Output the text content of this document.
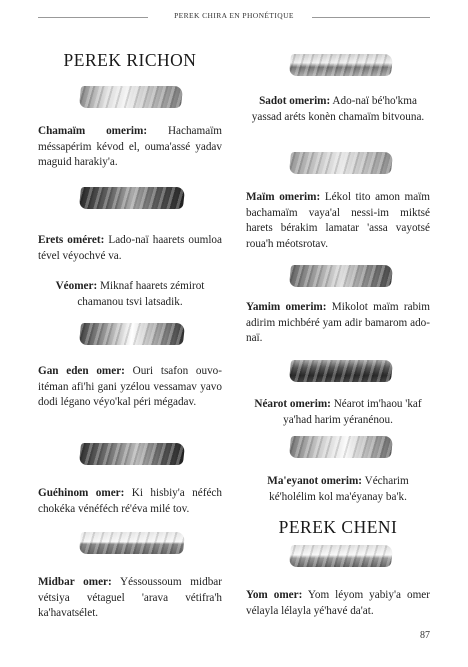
PEREK CHIRA EN PHONÉTIQUE
PEREK RICHON
Chamaïm omerim: Hachamaïm méssapérim kévod el, ouma'assé yadav maguid harakiy'a.
Erets oméret: Lado-naï haarets oumloa tével véyochvé va.
Véomer: Miknaf haarets zémirot chamanou tsvi latsadik.
Gan eden omer: Ouri tsafon ouvo-itéman afi'hi gani yzélou vessamav yavo dodi légano véyo'kal péri mégadav.
Guéhinom omer: Ki hisbiy'a néféch chokéka vénéféch ré'éva milé tov.
Midbar omer: Yéssoussoum midbar vétsiya vétaguel 'arava vétifra'h ka'havatsélet.
Sadot omerim: Ado-naï bé'ho'kma yassad aréts konèn chamaïm bitvouna.
Maïm omerim: Lékol tito amon maïm bachamaïm vaya'al nessi-im miktsé harets bérakim lamatar 'assa vayotsé roua'h méotsrotav.
Yamim omerim: Mikolot maïm rabim adirim michbéré yam adir bamarom ado-naï.
Néarot omerim: Néarot im'haou 'kaf ya'had harim yéranénou.
Ma'eyanot omerim: Vécharim ké'holélim kol ma'éyanay ba'k.
PEREK CHENI
Yom omer: Yom léyom yabiy'a omer vélayla lélayla yé'havé da'at.
87
